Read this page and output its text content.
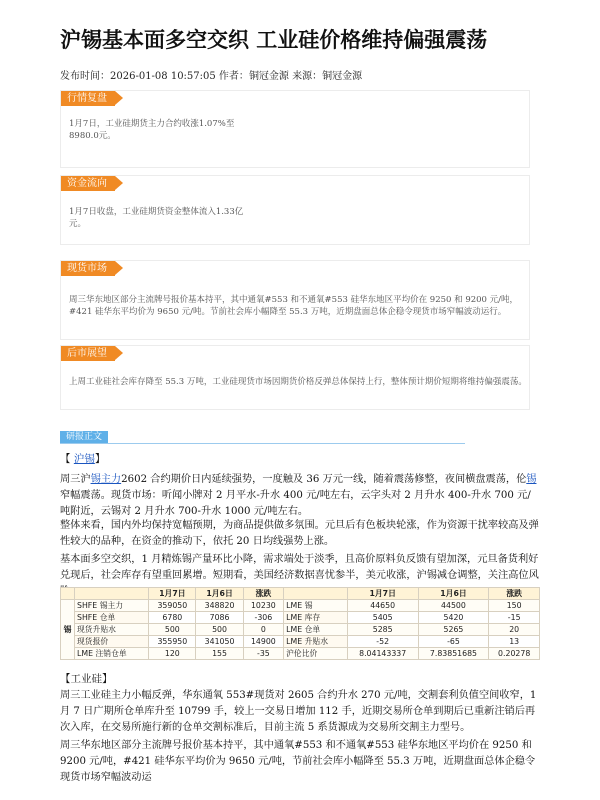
沪锡基本面多空交织 工业硅价格维持偏强震荡
发布时间：2026-01-08 10:57:05 作者：铜冠金源 来源：铜冠金源
行情复盘
1月7日，工业硅期货主力合约收涨1.07%至8980.0元。
资金流向
1月7日收盘，工业硅期货资金整体流入1.33亿元。
现货市场
周三华东地区部分主流牌号报价基本持平，其中通氧#553 和不通氧#553 硅华东地区平均价在 9250 和 9200 元/吨，#421 硅华东平均价为 9650 元/吨。节前社会库小幅降至 55.3 万吨，近期盘面总体企稳令现货市场窄幅波动运行。
后市展望
上周工业硅社会库存降至 55.3 万吨，工业硅现货市场因期货价格反弹总体保持上行，整体预计期价短期将维持偏强震荡。
研报正文
【 沪锡】
周三沪锡主力2602 合约期价日内延续强势，一度触及 36 万元一线，随着震荡修整，夜间横盘震荡，伦锡窄幅震荡。现货市场：听闻小牌对 2 月平水-升水 400 元/吨左右，云字头对 2 月升水 400-升水 700 元/吨附近，云锡对 2 月升水 700-升水 1000 元/吨左右。
整体来看，国内外均保持宽幅预期，为商品提供做多氛围。元旦后有色板块轮涨，作为资源干扰率较高及弹性较大的品种，在资金的推动下，依托 20 日均线强势上涨。
基本面多空交织，1 月精炼锡产量环比小降，需求端处于淡季，且高价原料负反馈有望加深，元旦备货利好兑现后，社会库存有望重回累增。短期看，美国经济数据喜忧参半，美元收涨，沪锡减仓调整，关注高位风
		1月7日	1月6日	涨跌		1月7日	1月6日	涨跌
锡	SHFE 锡主力	359050	348820	10230	LME 锡	44650	44500	150
	SHFE 仓单	6780	7086	-306	LME 库存	5405	5420	-15
	现货升贴水	500	500	0	LME 仓单	5285	5265	20
	现货报价	355950	341050	14900	LME 升贴水	-52	-65	13
	LME 注销仓单	120	155	-35	沪伦比价	8.04143337	7.83851685	0.20278
【工业硅】
周三工业硅主力小幅反弹，华东通氧 553#现货对 2605 合约升水 270 元/吨，交割套利负值空间收窄，1 月 7 日广期所仓单库升至 10799 手，较上一交易日增加 112 手，近期交易所仓单到期后已重新注销后再次入库，在交易所施行新的仓单交割标准后，目前主流 5 系货源成为交易所交割主力型号。
周三华东地区部分主流牌号报价基本持平，其中通氧#553 和不通氧#553 硅华东地区平均价在 9250 和 9200 元/吨，#421 硅华东平均价为 9650 元/吨，节前社会库小幅降至 55.3 万吨，近期盘面总体企稳令现货市场窄幅波动运
